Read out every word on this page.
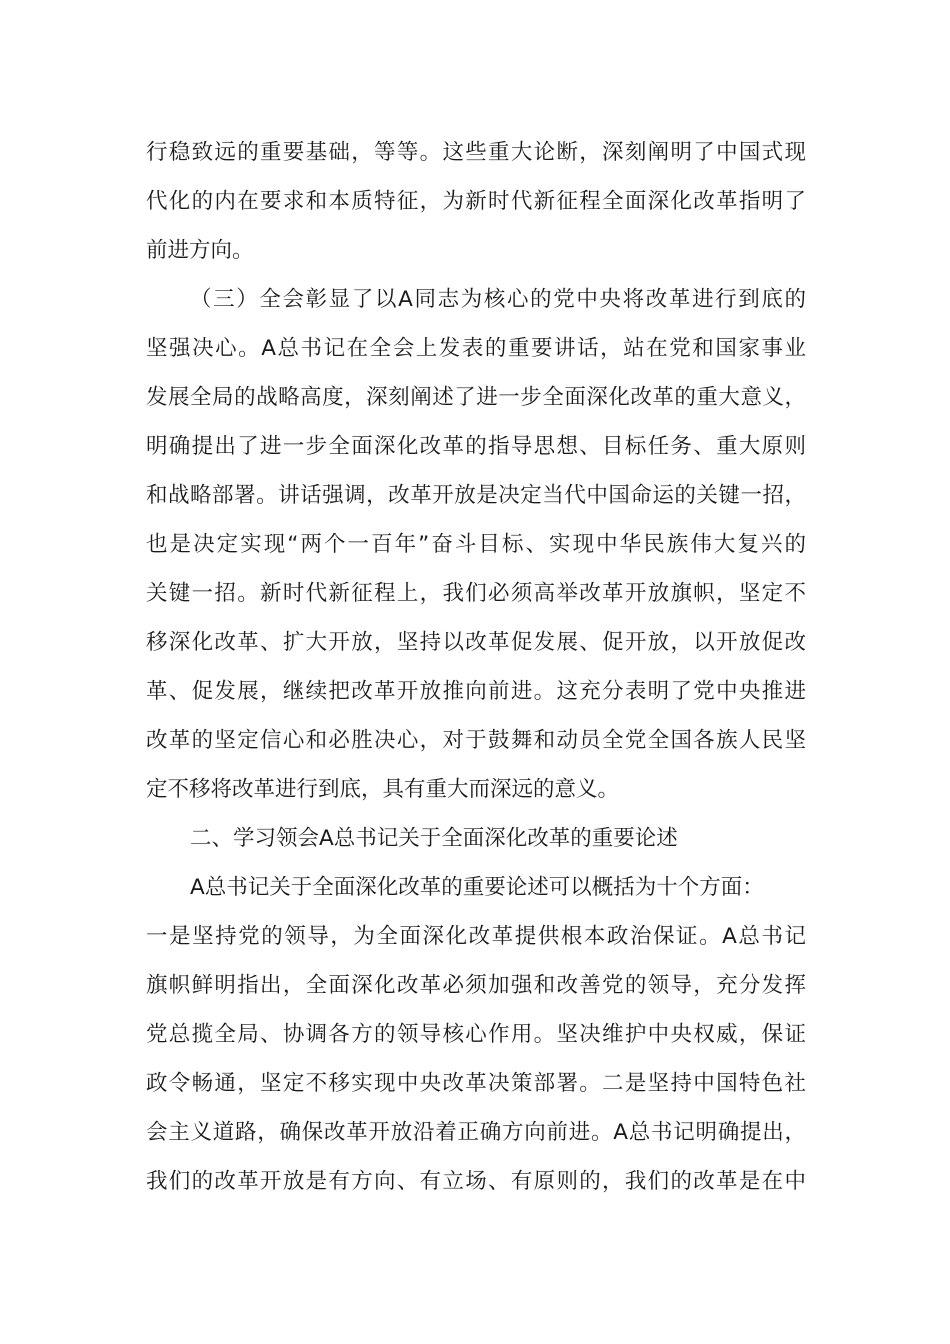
行稳致远的重要基础，等等。这些重大论断，深刻阐明了中国式现
代化的内在要求和本质特征，为新时代新征程全面深化改革指明了
前进方向。
（三）全会彰显了以A同志为核心的党中央将改革进行到底的
坚强决心。A总书记在全会上发表的重要讲话，站在党和国家事业
发展全局的战略高度，深刻阐述了进一步全面深化改革的重大意义，
明确提出了进一步全面深化改革的指导思想、目标任务、重大原则
和战略部署。讲话强调，改革开放是决定当代中国命运的关键一招，
也是决定实现“两个一百年”奋斗目标、实现中华民族伟大复兴的
关键一招。新时代新征程上，我们必须高举改革开放旗帜，坚定不
移深化改革、扩大开放，坚持以改革促发展、促开放，以开放促改
革、促发展，继续把改革开放推向前进。这充分表明了党中央推进
改革的坚定信心和必胜决心，对于鼓舞和动员全党全国各族人民坚
定不移将改革进行到底，具有重大而深远的意义。
二、学习领会A总书记关于全面深化改革的重要论述
A总书记关于全面深化改革的重要论述可以概括为十个方面：
一是坚持党的领导，为全面深化改革提供根本政治保证。A总书记
旗帜鲜明指出，全面深化改革必须加强和改善党的领导，充分发挥
党总揽全局、协调各方的领导核心作用。坚决维护中央权威，保证
政令畅通，坚定不移实现中央改革决策部署。二是坚持中国特色社
会主义道路，确保改革开放沿着正确方向前进。A总书记明确提出，
我们的改革开放是有方向、有立场、有原则的，我们的改革是在中
